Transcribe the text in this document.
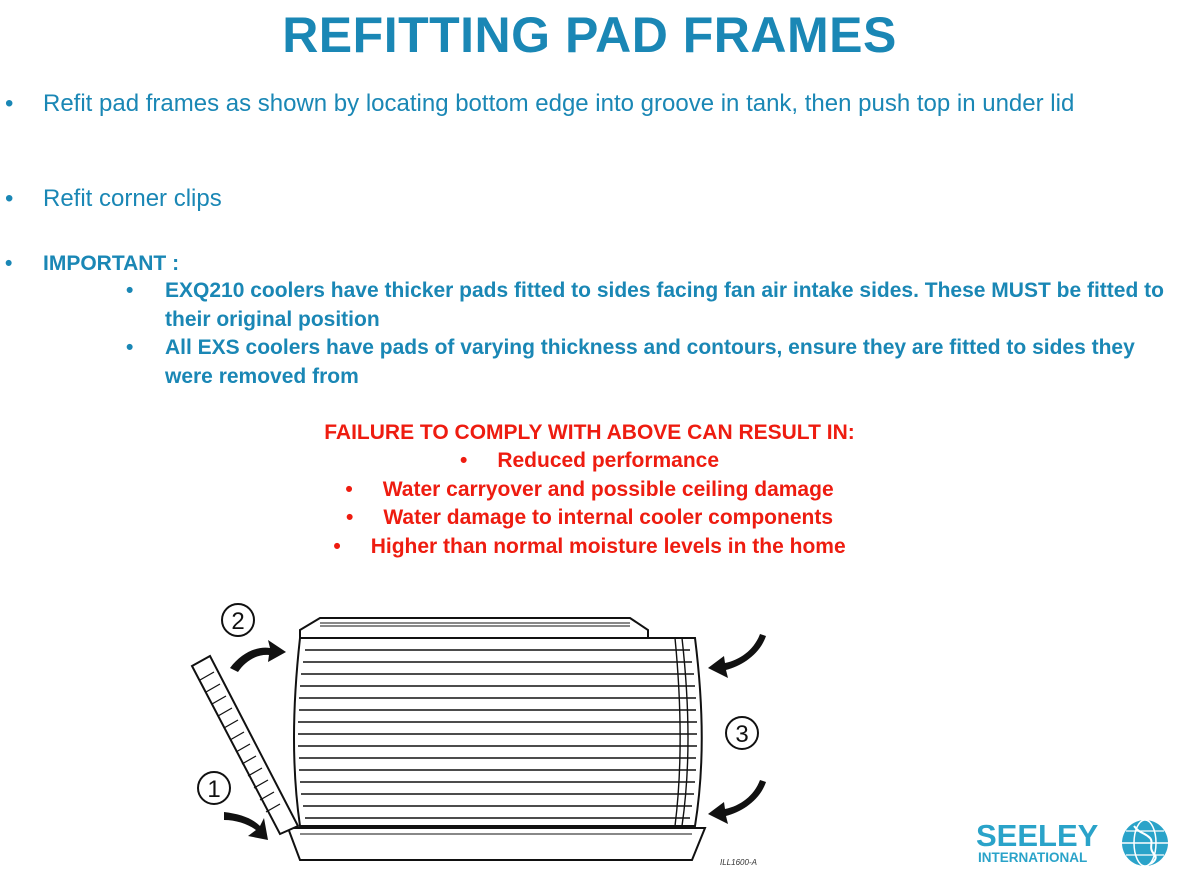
REFITTING PAD FRAMES
• Refit pad frames as shown by locating bottom edge into groove in tank, then push top in under lid
• Refit corner clips
• IMPORTANT :
• EXQ210 coolers have thicker pads fitted to sides facing fan air intake sides. These MUST be fitted to their original position
• All EXS coolers have pads of varying thickness and contours, ensure they are fitted to sides they were removed from
FAILURE TO COMPLY WITH ABOVE CAN RESULT IN:
• Reduced performance
• Water carryover and possible ceiling damage
• Water damage to internal cooler components
• Higher than normal moisture levels in the home
2
1
3
ILL1600-A
SEELEY
INTERNATIONAL
